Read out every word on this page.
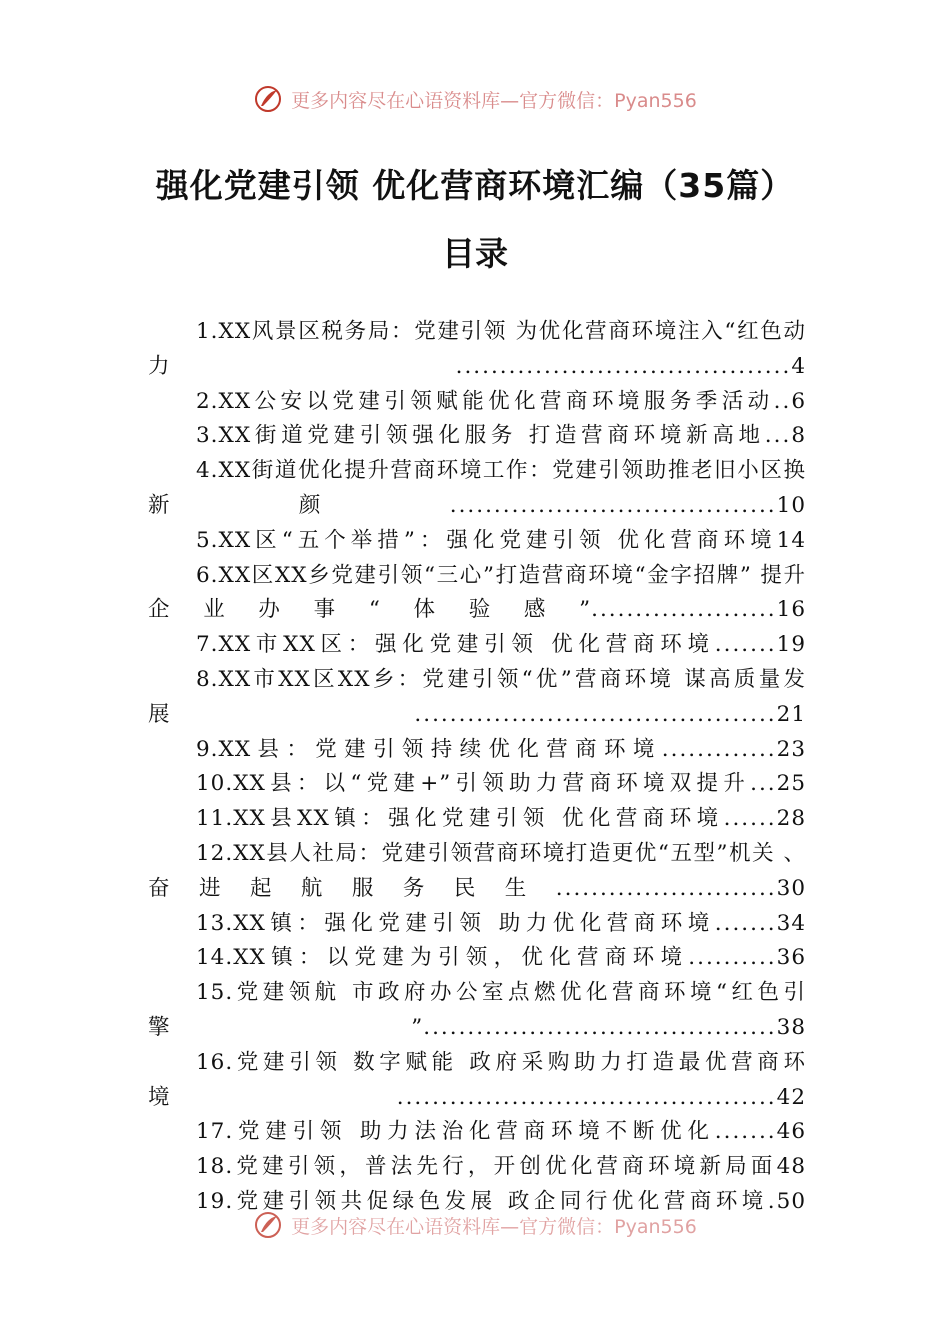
更多内容尽在心语资料库—官方微信：Pyan556
强化党建引领 优化营商环境汇编（35篇）
目录

1.XX风景区税务局：党建引领 为优化营商环境注入“红色动力......................................4

2.XX公安以党建引领赋能优化营商环境服务季活动..6

3.XX街道党建引领强化服务 打造营商环境新高地...8

4.XX街道优化提升营商环境工作：党建引领助推老旧小区换新颜.....................................10

5.XX区“五个举措”：强化党建引领 优化营商环境14

6.XX区XX乡党建引领“三心”打造营商环境“金字招牌” 提升企业办事“体验感”.....................16

7.XX市XX区：强化党建引领 优化营商环境.......19

8.XX市XX区XX乡：党建引领“优”营商环境 谋高质量发展.........................................21

9.XX县：党建引领持续优化营商环境.............23

10.XX县：以“党建+”引领助力营商环境双提升...25

11.XX县XX镇：强化党建引领 优化营商环境......28

12.XX县人社局：党建引领营商环境打造更优“五型”机关 、奋进起航服务民生.........................30

13.XX镇：强化党建引领 助力优化营商环境.......34

14.XX镇：以党建为引领，优化营商环境..........36

15.党建领航 市政府办公室点燃优化营商环境“红色引擎”........................................38

16.党建引领 数字赋能 政府采购助力打造最优营商环境...........................................42

17.党建引领 助力法治化营商环境不断优化.......46

18.党建引领，普法先行，开创优化营商环境新局面48

19.党建引领共促绿色发展 政企同行优化营商环境.50

更多内容尽在心语资料库—官方微信：Pyan556
